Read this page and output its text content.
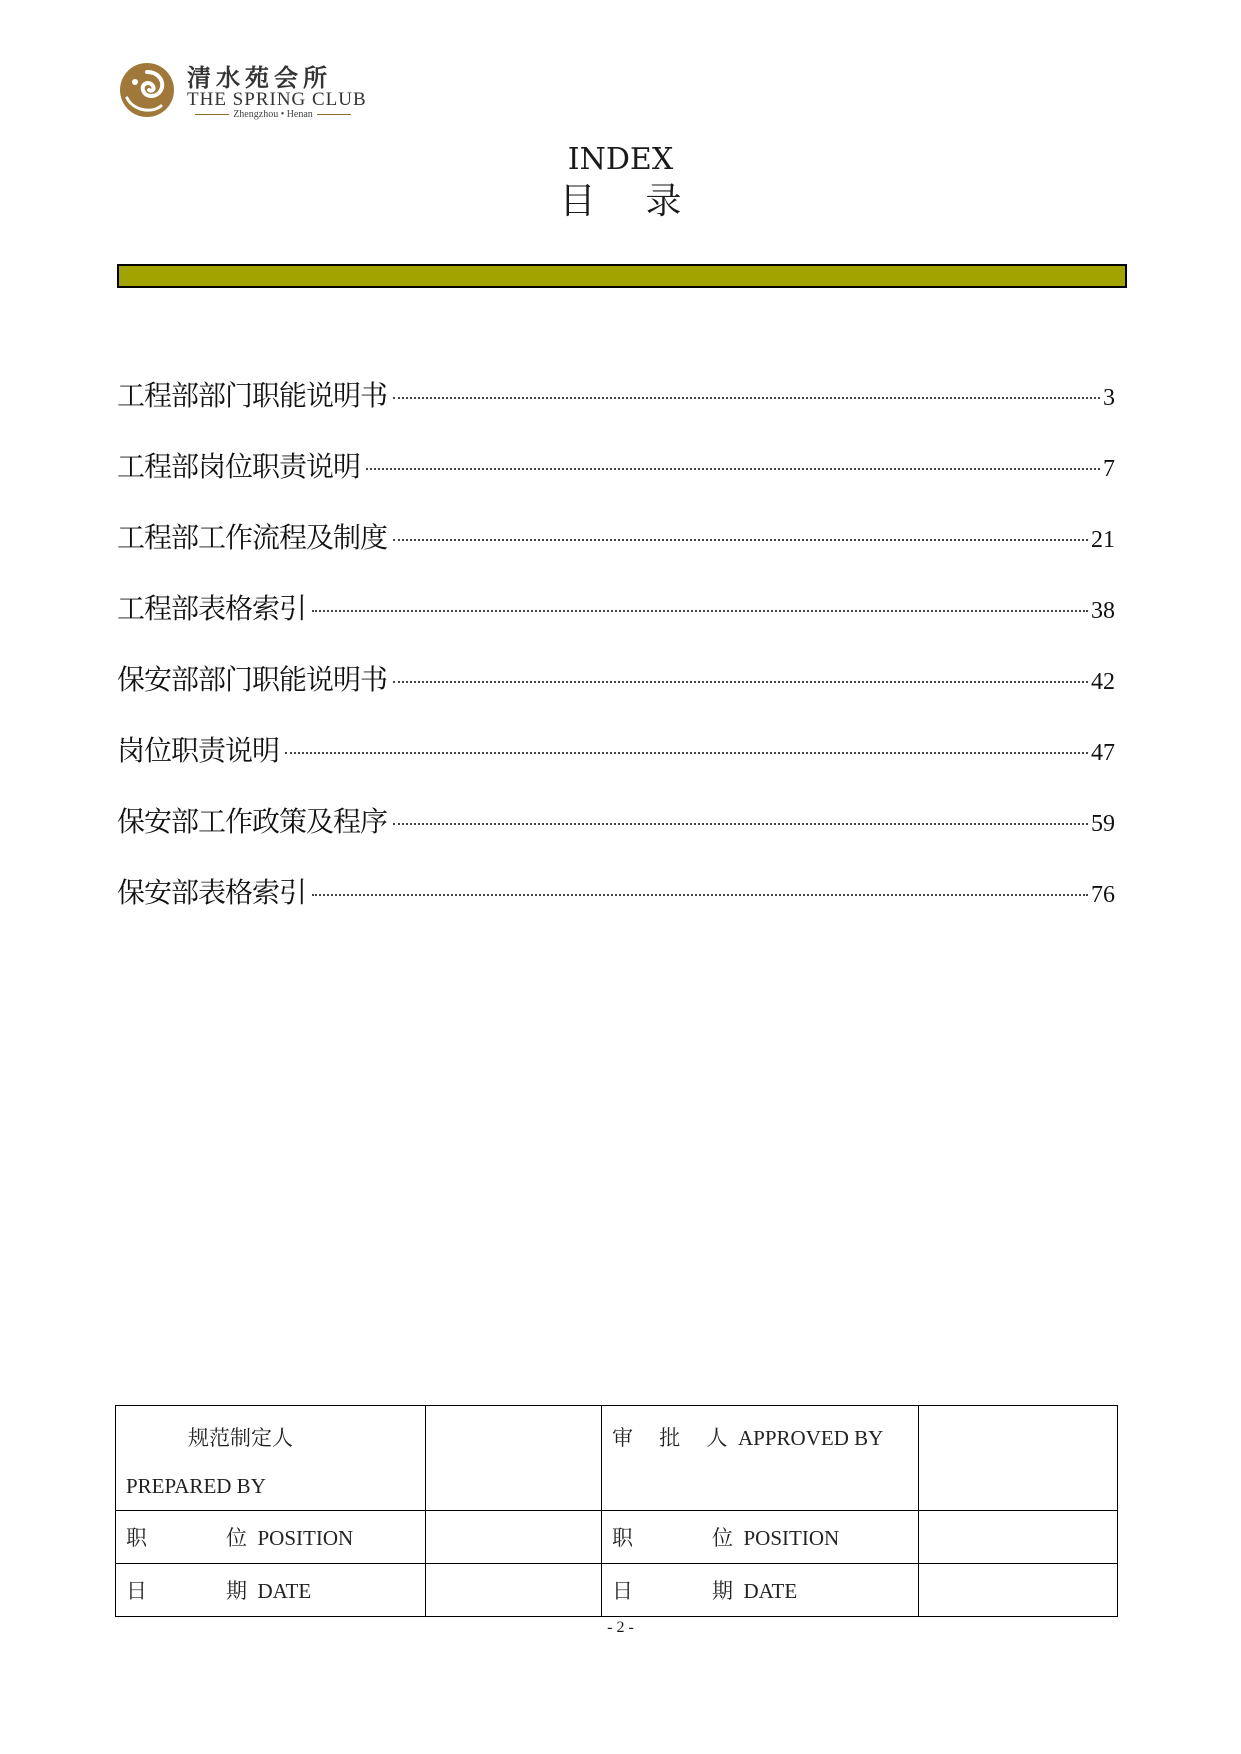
清水苑会所
THE SPRING CLUB
Zhengzhou • Henan
INDEX
目 录
工程部部门职能说明书	3
工程部岗位职责说明	7
工程部工作流程及制度	21
工程部表格索引	38
保安部部门职能说明书	42
岗位职责说明	47
保安部工作政策及程序	59
保安部表格索引	76
规范制定人
PREPARED BY		审 批 人 APPROVED BY	

职 位 POSITION		职 位 POSITION	
日 期 DATE		日 期 DATE	
- 2 -
